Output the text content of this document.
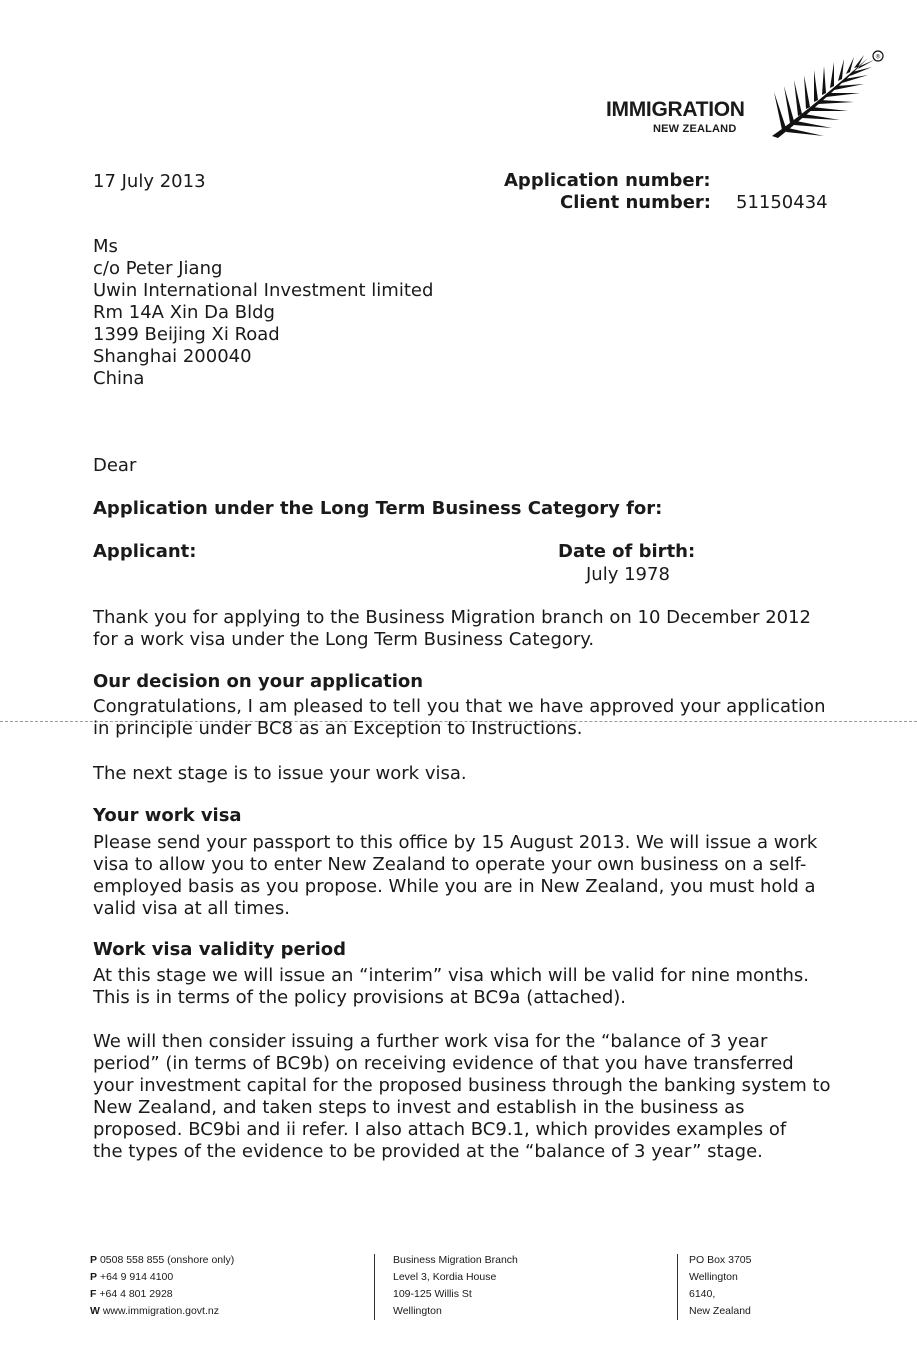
IMMIGRATION
NEW ZEALAND
®
17 July 2013	Application number:
Client number: 51150434
Ms
c/o Peter Jiang
Uwin International Investment limited
Rm 14A Xin Da Bldg
1399 Beijing Xi Road
Shanghai 200040
China
Dear
Application under the Long Term Business Category for:
Applicant:	Date of birth:
July 1978
Thank you for applying to the Business Migration branch on 10 December 2012
for a work visa under the Long Term Business Category.
Our decision on your application
Congratulations, I am pleased to tell you that we have approved your application
in principle under BC8 as an Exception to Instructions.
The next stage is to issue your work visa.
Your work visa
Please send your passport to this office by 15 August 2013. We will issue a work
visa to allow you to enter New Zealand to operate your own business on a self-
employed basis as you propose. While you are in New Zealand, you must hold a
valid visa at all times.
Work visa validity period
At this stage we will issue an “interim” visa which will be valid for nine months.
This is in terms of the policy provisions at BC9a (attached).
We will then consider issuing a further work visa for the “balance of 3 year
period” (in terms of BC9b) on receiving evidence of that you have transferred
your investment capital for the proposed business through the banking system to
New Zealand, and taken steps to invest and establish in the business as
proposed. BC9bi and ii refer. I also attach BC9.1, which provides examples of
the types of the evidence to be provided at the “balance of 3 year” stage.
P 0508 558 855 (onshore only)
P +64 9 914 4100
F +64 4 801 2928
W www.immigration.govt.nz
Business Migration Branch
Level 3, Kordia House
109-125 Willis St
Wellington
PO Box 3705
Wellington
6140,
New Zealand
